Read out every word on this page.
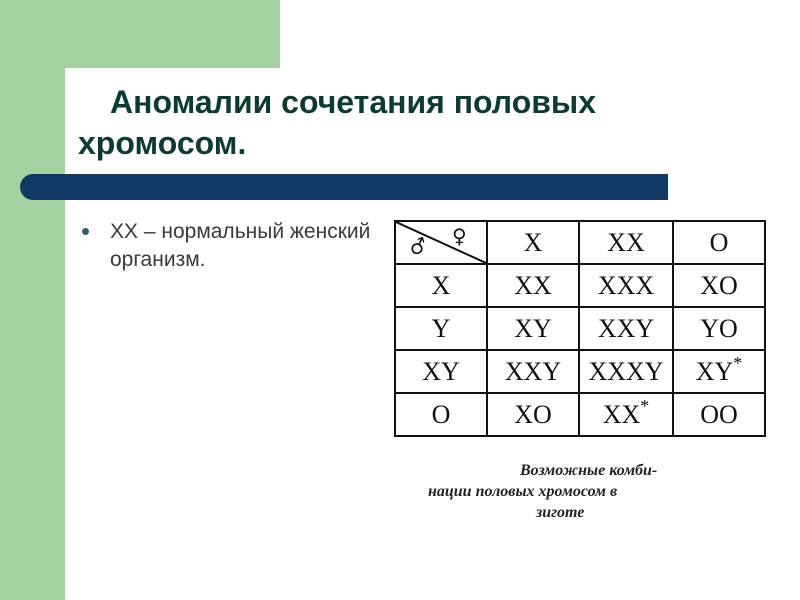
Аномалии сочетания половых
хромосом.
XX – нормальный женский организм.	♂ ♀	X	XX	O
X	XX	XXX	XO
Y	XY	XXY	YO
XY	XXY	XXXY	XY*
O	XO	XX*	OO
Возможные комби-
нации половых хромосом в
зиготе
